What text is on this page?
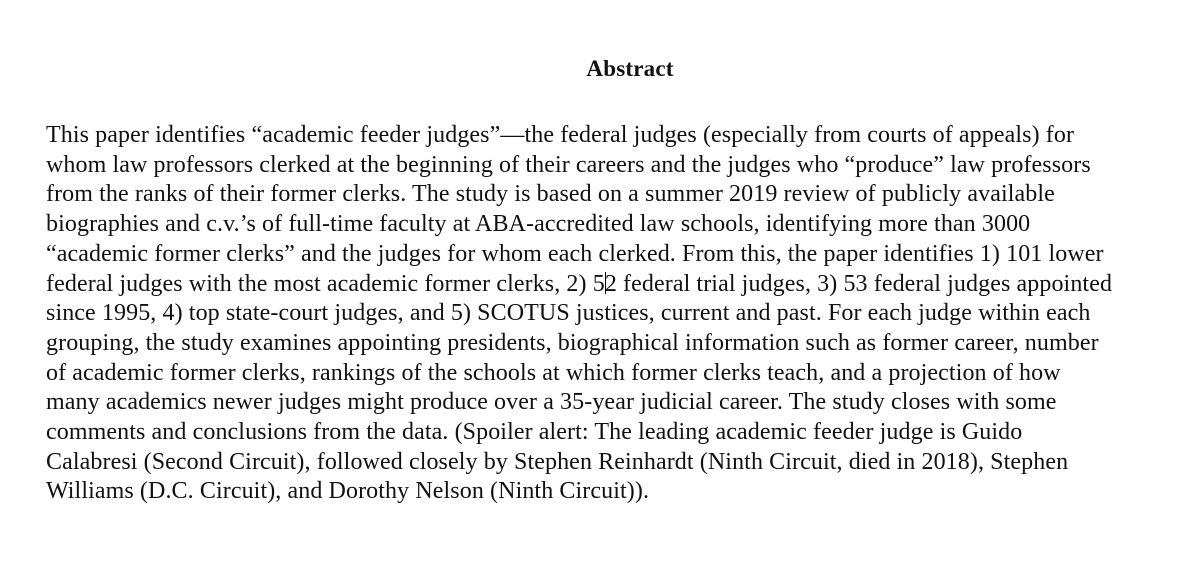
Abstract
This paper identifies “academic feeder judges”—the federal judges (especially from courts of appeals) for
whom law professors clerked at the beginning of their careers and the judges who “produce” law professors
from the ranks of their former clerks. The study is based on a summer 2019 review of publicly available
biographies and c.v.’s of full-time faculty at ABA-accredited law schools, identifying more than 3000
“academic former clerks” and the judges for whom each clerked. From this, the paper identifies 1) 101 lower
federal judges with the most academic former clerks, 2) 52 federal trial judges, 3) 53 federal judges appointed
since 1995, 4) top state-court judges, and 5) SCOTUS justices, current and past. For each judge within each
grouping, the study examines appointing presidents, biographical information such as former career, number
of academic former clerks, rankings of the schools at which former clerks teach, and a projection of how
many academics newer judges might produce over a 35-year judicial career. The study closes with some
comments and conclusions from the data. (Spoiler alert: The leading academic feeder judge is Guido
Calabresi (Second Circuit), followed closely by Stephen Reinhardt (Ninth Circuit, died in 2018), Stephen
Williams (D.C. Circuit), and Dorothy Nelson (Ninth Circuit)).
